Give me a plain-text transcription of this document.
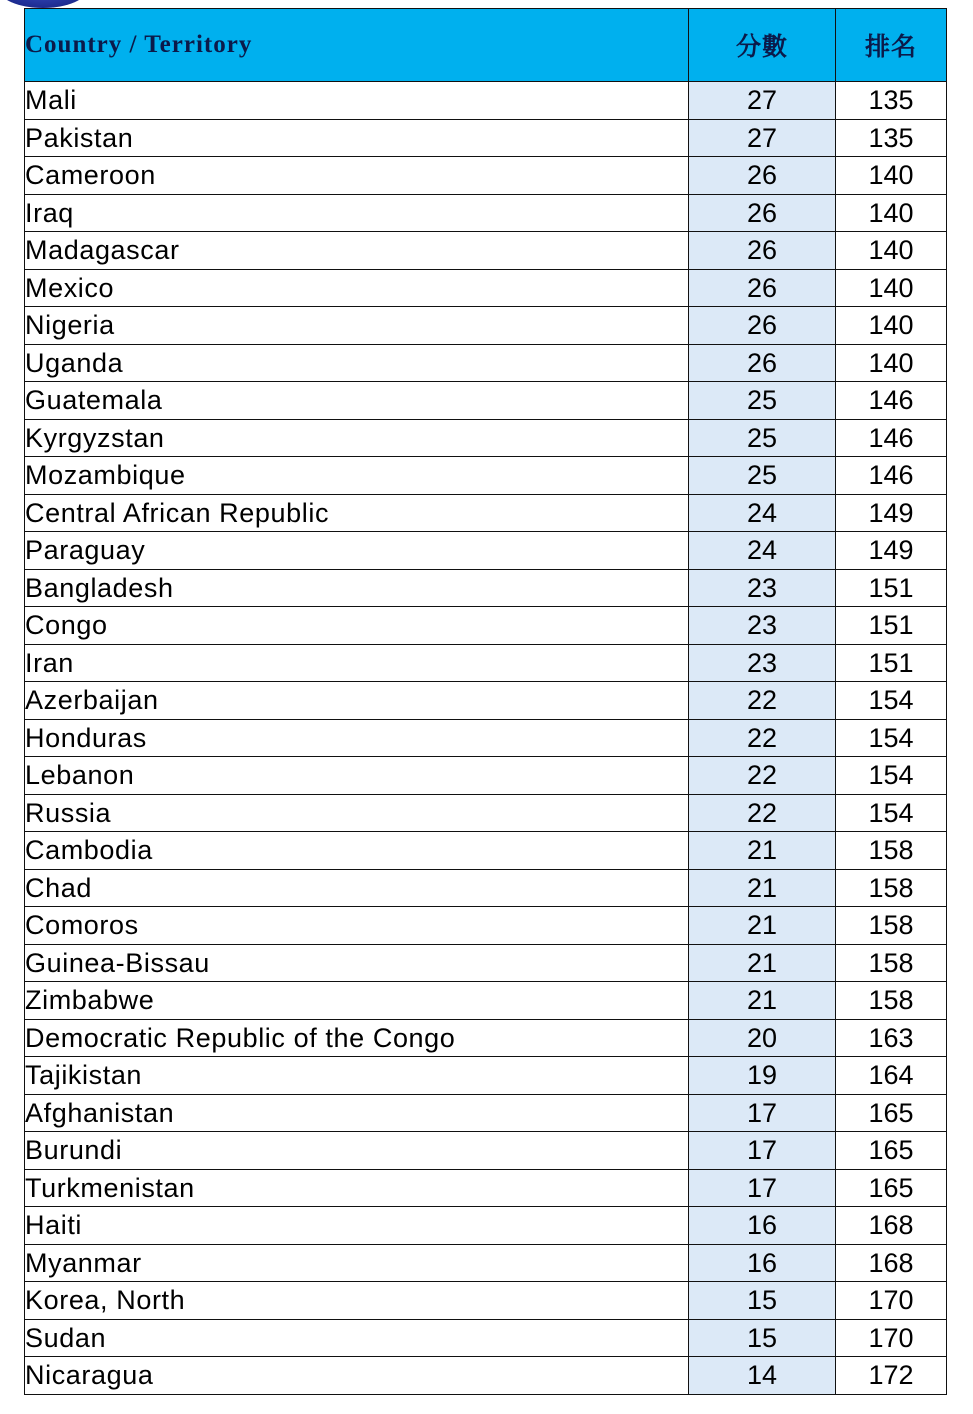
Country / Territory	分數	排名
Mali	27	135
Pakistan	27	135
Cameroon	26	140
Iraq	26	140
Madagascar	26	140
Mexico	26	140
Nigeria	26	140
Uganda	26	140
Guatemala	25	146
Kyrgyzstan	25	146
Mozambique	25	146
Central African Republic	24	149
Paraguay	24	149
Bangladesh	23	151
Congo	23	151
Iran	23	151
Azerbaijan	22	154
Honduras	22	154
Lebanon	22	154
Russia	22	154
Cambodia	21	158
Chad	21	158
Comoros	21	158
Guinea-Bissau	21	158
Zimbabwe	21	158
Democratic Republic of the Congo	20	163
Tajikistan	19	164
Afghanistan	17	165
Burundi	17	165
Turkmenistan	17	165
Haiti	16	168
Myanmar	16	168
Korea, North	15	170
Sudan	15	170
Nicaragua	14	172
